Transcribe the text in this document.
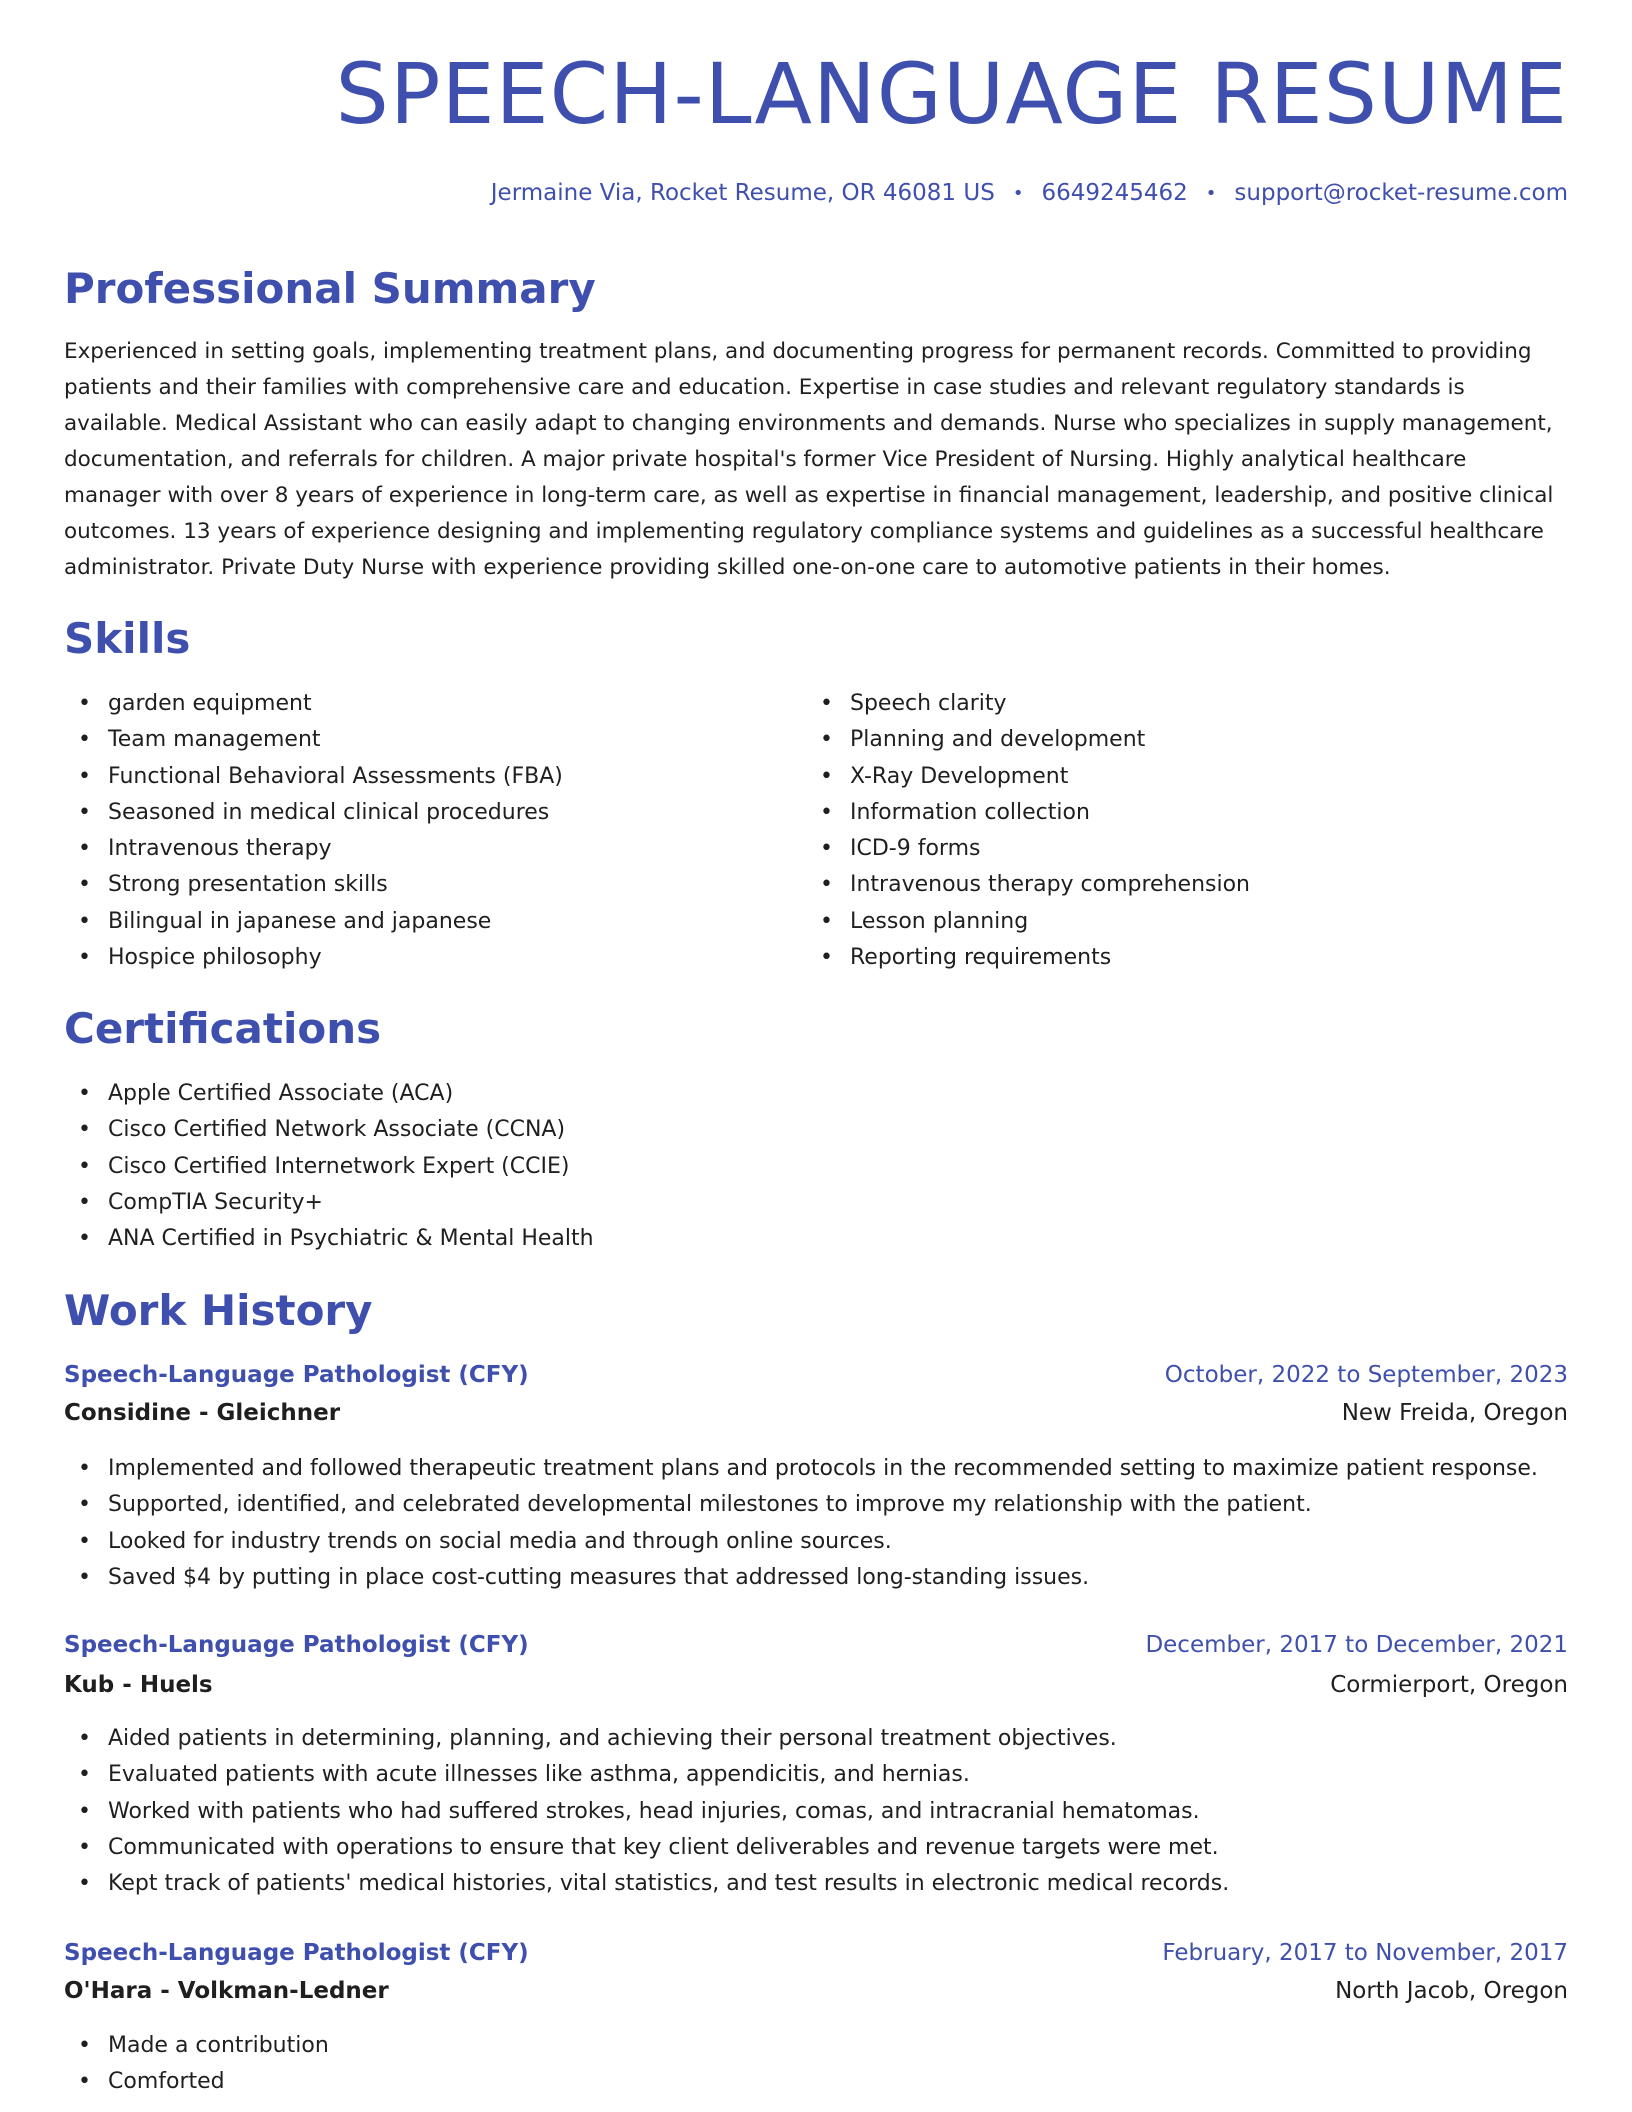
SPEECH-LANGUAGE RESUME
Jermaine Via, Rocket Resume, OR 46081 US • 6649245462 • support@rocket-resume.com
Professional Summary

Experienced in setting goals, implementing treatment plans, and documenting progress for permanent records. Committed to providing patients and their families with comprehensive care and education. Expertise in case studies and relevant regulatory standards is available. Medical Assistant who can easily adapt to changing environments and demands. Nurse who specializes in supply management, documentation, and referrals for children. A major private hospital's former Vice President of Nursing. Highly analytical healthcare manager with over 8 years of experience in long-term care, as well as expertise in financial management, leadership, and positive clinical outcomes. 13 years of experience designing and implementing regulatory compliance systems and guidelines as a successful healthcare administrator. Private Duty Nurse with experience providing skilled one-on-one care to automotive patients in their homes.

Skills
• garden equipment
• Team management
• Functional Behavioral Assessments (FBA)
• Seasoned in medical clinical procedures
• Intravenous therapy
• Strong presentation skills
• Bilingual in japanese and japanese
• Hospice philosophy
• Speech clarity
• Planning and development
• X-Ray Development
• Information collection
• ICD-9 forms
• Intravenous therapy comprehension
• Lesson planning
• Reporting requirements
Certifications
• Apple Certified Associate (ACA)
• Cisco Certified Network Associate (CCNA)
• Cisco Certified Internetwork Expert (CCIE)
• CompTIA Security+
• ANA Certified in Psychiatric & Mental Health
Work History
Speech-Language Pathologist (CFY)	October, 2022 to September, 2023
Considine - Gleichner	New Freida, Oregon
• Implemented and followed therapeutic treatment plans and protocols in the recommended setting to maximize patient response.
• Supported, identified, and celebrated developmental milestones to improve my relationship with the patient.
• Looked for industry trends on social media and through online sources.
• Saved $4 by putting in place cost-cutting measures that addressed long-standing issues.
Speech-Language Pathologist (CFY)	December, 2017 to December, 2021
Kub - Huels	Cormierport, Oregon
• Aided patients in determining, planning, and achieving their personal treatment objectives.
• Evaluated patients with acute illnesses like asthma, appendicitis, and hernias.
• Worked with patients who had suffered strokes, head injuries, comas, and intracranial hematomas.
• Communicated with operations to ensure that key client deliverables and revenue targets were met.
• Kept track of patients' medical histories, vital statistics, and test results in electronic medical records.
Speech-Language Pathologist (CFY)	February, 2017 to November, 2017
O'Hara - Volkman-Ledner	North Jacob, Oregon
• Made a contribution
• Comforted
